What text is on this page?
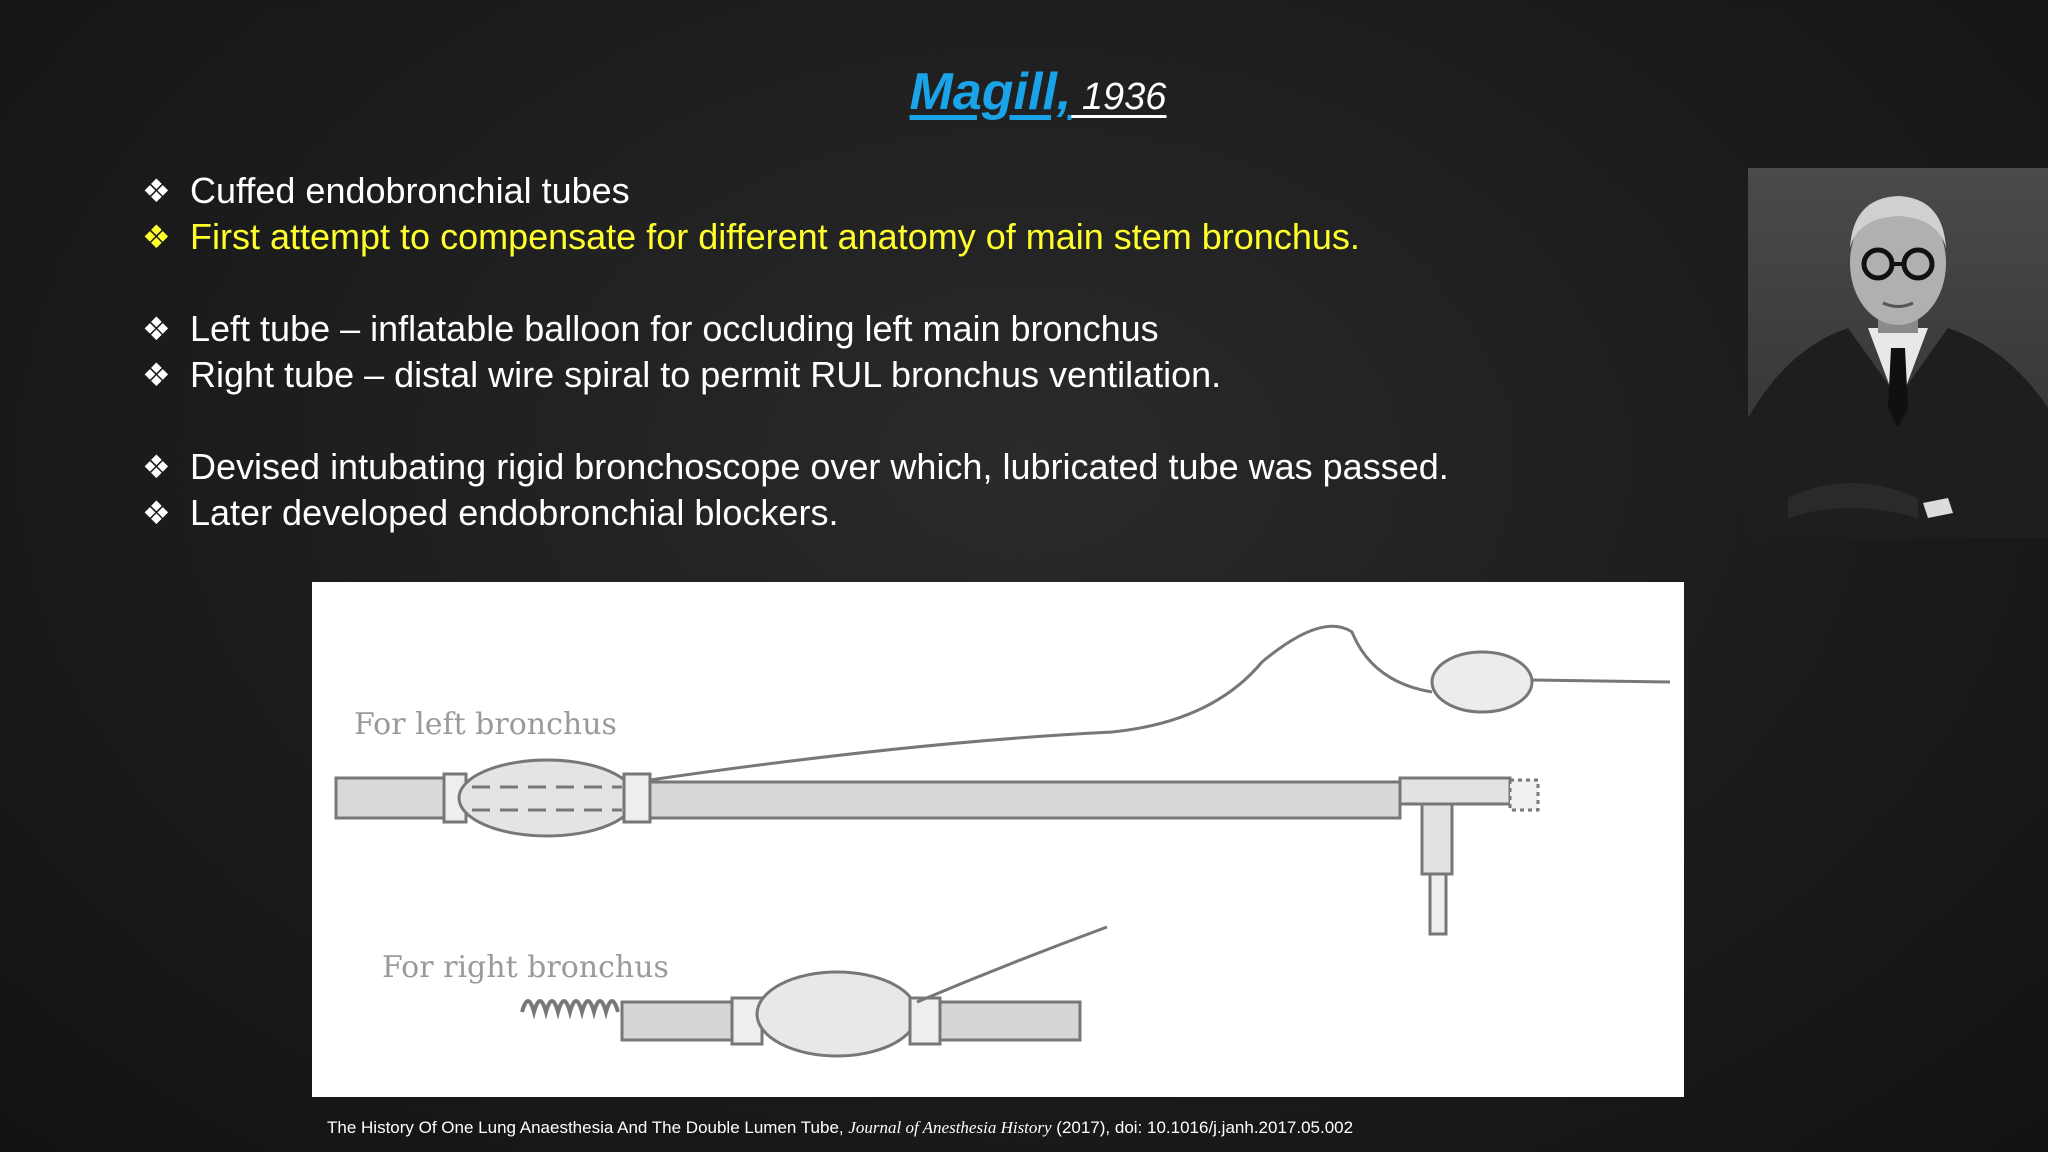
Magill, 1936
❖ Cuffed endobronchial tubes
❖ First attempt to compensate for different anatomy of main stem bronchus.
❖ Left tube – inflatable balloon for occluding left main bronchus
❖ Right tube – distal wire spiral to permit RUL bronchus ventilation.
❖ Devised intubating rigid bronchoscope over which, lubricated tube was passed.
❖ Later developed endobronchial blockers.
For left bronchus
For right bronchus
The History Of One Lung Anaesthesia And The Double Lumen Tube, Journal of Anesthesia History (2017), doi: 10.1016/j.janh.2017.05.002
